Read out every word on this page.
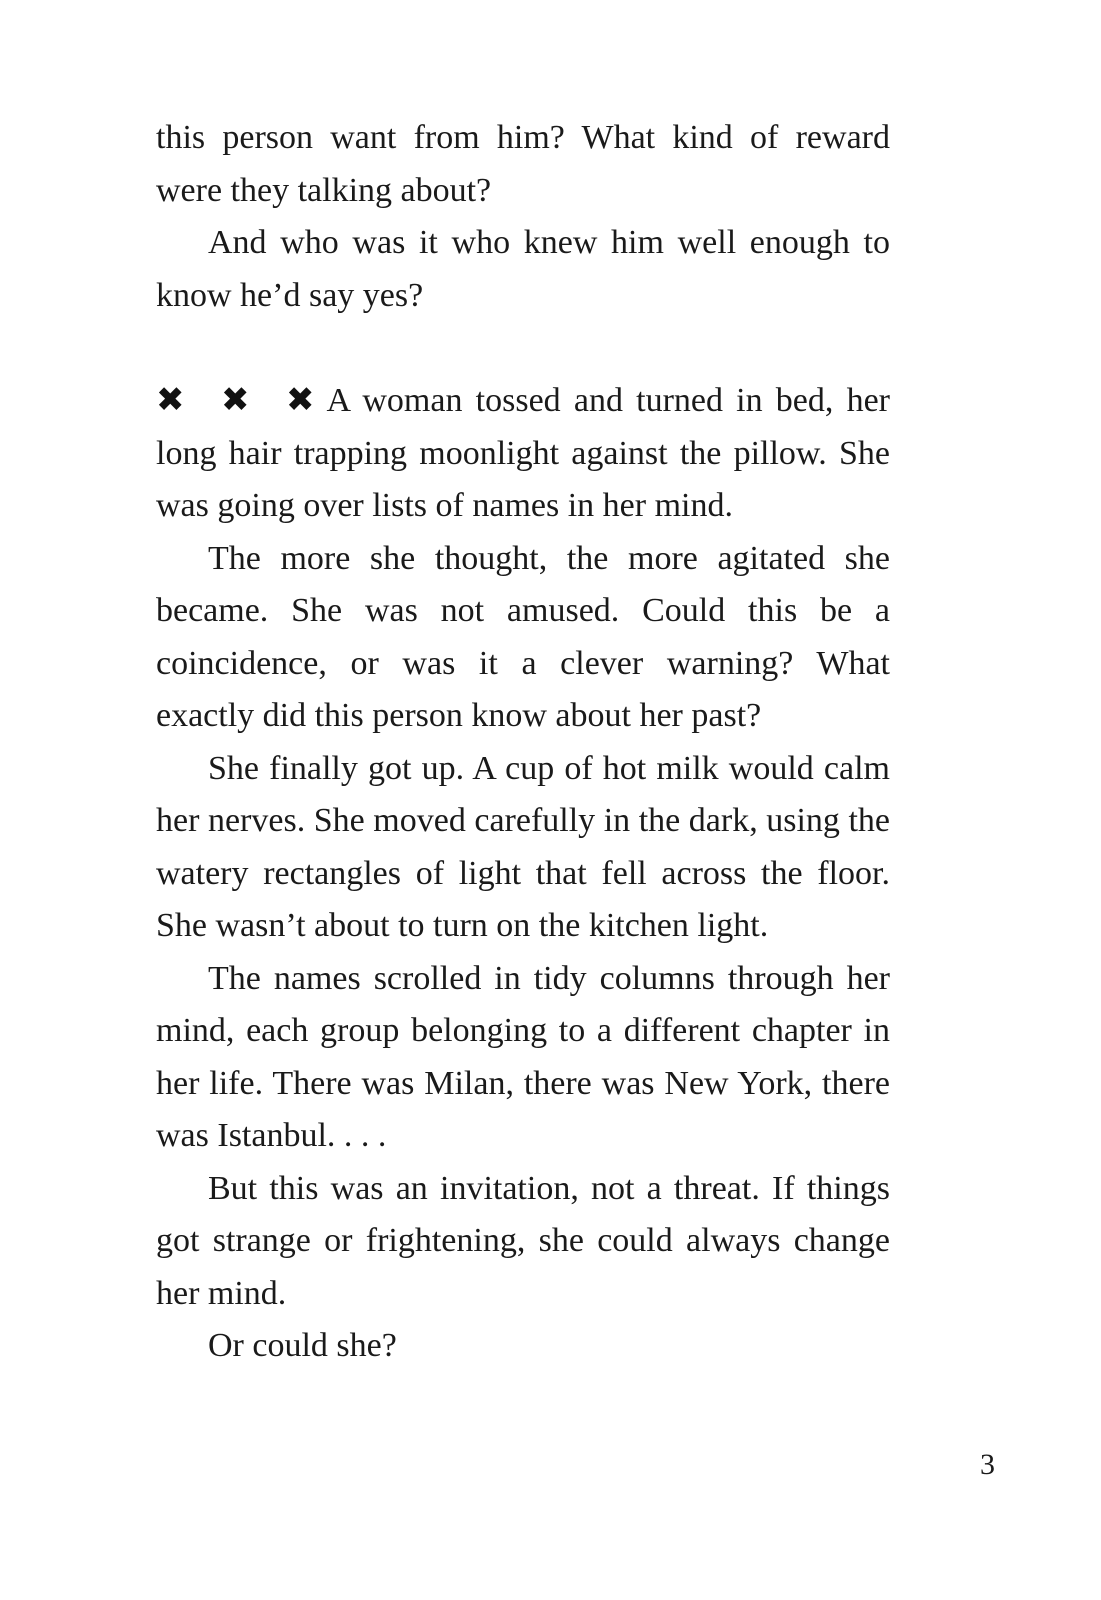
this person want from him? What kind of reward were they talking about?

And who was it who knew him well enough to know he’d say yes?

✖ ✖ ✖A woman tossed and turned in bed, her long hair trapping moonlight against the pillow. She was going over lists of names in her mind.

The more she thought, the more agitated she became. She was not amused. Could this be a coincidence, or was it a clever warning? What exactly did this person know about her past?

She finally got up. A cup of hot milk would calm her nerves. She moved carefully in the dark, using the watery rectangles of light that fell across the floor. She wasn’t about to turn on the kitchen light.

The names scrolled in tidy columns through her mind, each group belonging to a different chapter in her life. There was Milan, there was New York, there was Istanbul. . . .

But this was an invitation, not a threat. If things got strange or frightening, she could always change her mind.

Or could she?

3
